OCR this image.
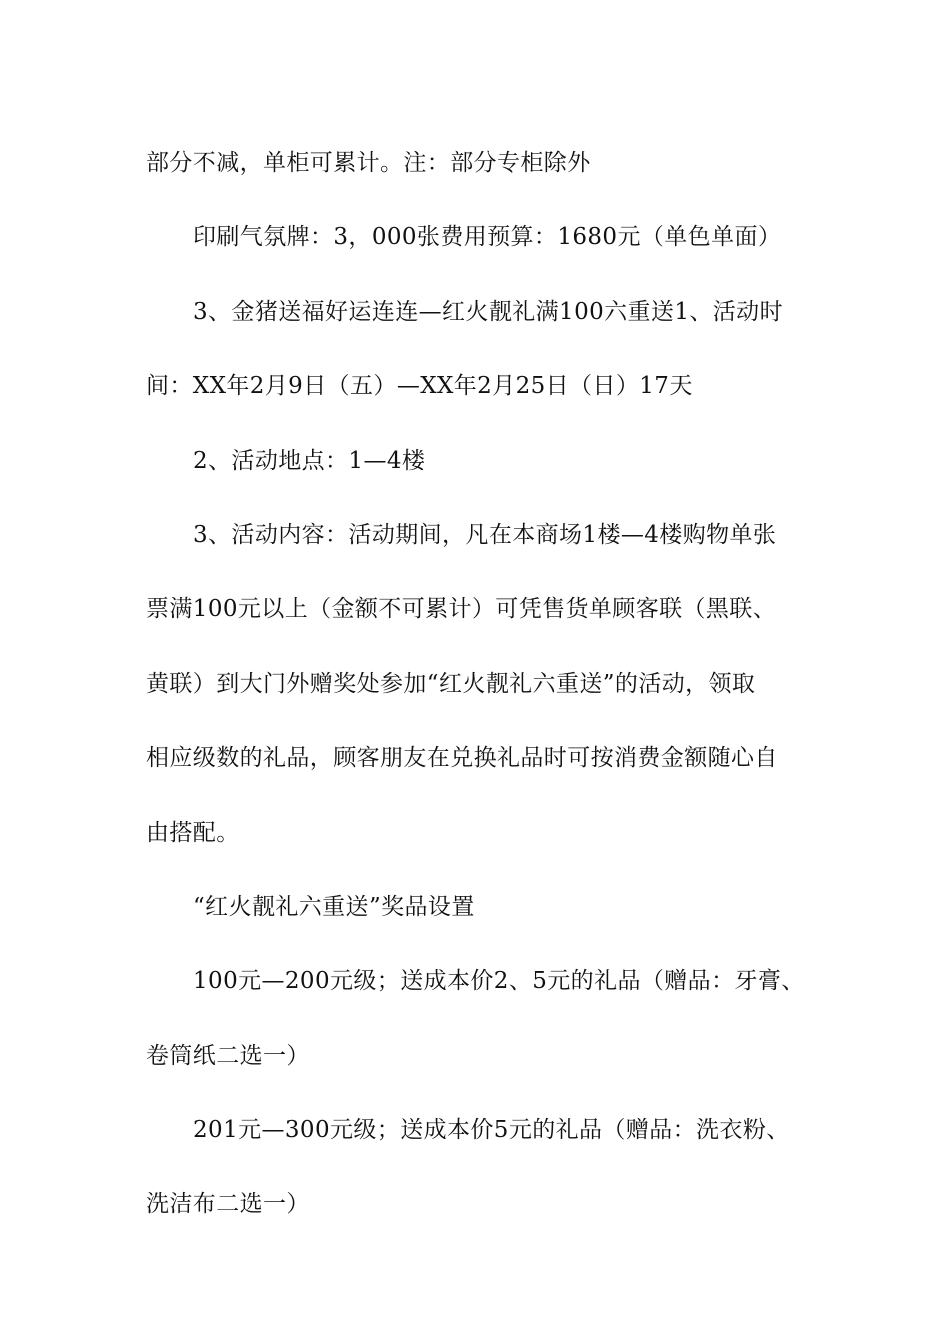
部分不减，单柜可累计。注：部分专柜除外
印刷气氛牌：3，000张费用预算：1680元（单色单面）
3、金猪送福好运连连—红火靓礼满100六重送1、活动时
间：XX年2月9日（五）—XX年2月25日（日）17天
2、活动地点：1—4楼
3、活动内容：活动期间，凡在本商场1楼—4楼购物单张
票满100元以上（金额不可累计）可凭售货单顾客联（黑联、
黄联）到大门外赠奖处参加“红火靓礼六重送”的活动，领取
相应级数的礼品，顾客朋友在兑换礼品时可按消费金额随心自
由搭配。
“红火靓礼六重送”奖品设置
100元—200元级；送成本价2、5元的礼品（赠品：牙膏、
卷筒纸二选一）
201元—300元级；送成本价5元的礼品（赠品：洗衣粉、
洗洁布二选一）
